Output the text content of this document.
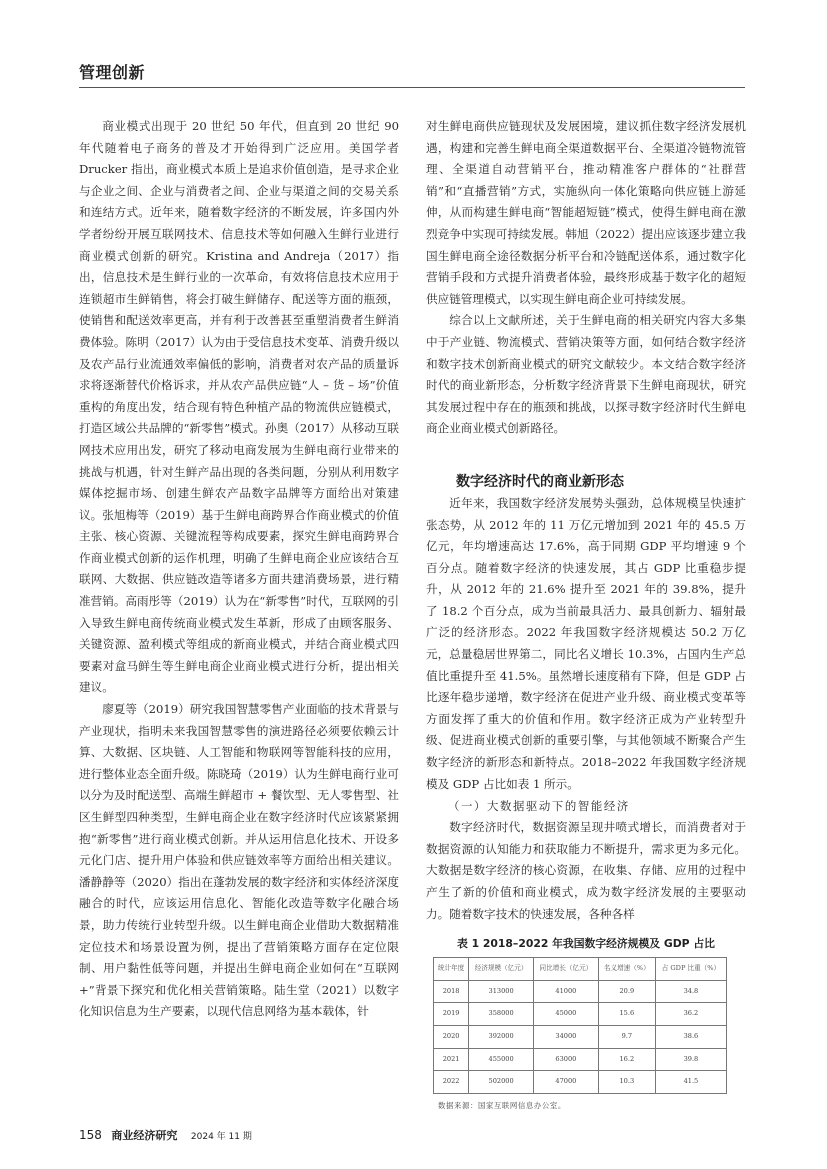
管理创新

商业模式出现于 20 世纪 50 年代，但直到 20 世纪 90 年代随着电子商务的普及才开始得到广泛应用。美国学者 Drucker 指出，商业模式本质上是追求价值创造，是寻求企业与企业之间、企业与消费者之间、企业与渠道之间的交易关系和连结方式。近年来，随着数字经济的不断发展，许多国内外学者纷纷开展互联网技术、信息技术等如何融入生鲜行业进行商业模式创新的研究。Kristina and Andreja（2017）指出，信息技术是生鲜行业的一次革命，有效将信息技术应用于连锁超市生鲜销售，将会打破生鲜储存、配送等方面的瓶颈，使销售和配送效率更高，并有利于改善甚至重塑消费者生鲜消费体验。陈明（2017）认为由于受信息技术变革、消费升级以及农产品行业流通效率偏低的影响，消费者对农产品的质量诉求将逐渐替代价格诉求，并从农产品供应链“人 – 货 – 场”价值重构的角度出发，结合现有特色种植产品的物流供应链模式，打造区域公共品牌的“新零售”模式。孙奥（2017）从移动互联网技术应用出发，研究了移动电商发展为生鲜电商行业带来的挑战与机遇，针对生鲜产品出现的各类问题，分别从利用数字媒体挖掘市场、创建生鲜农产品数字品牌等方面给出对策建议。张旭梅等（2019）基于生鲜电商跨界合作商业模式的价值主张、核心资源、关键流程等构成要素，探究生鲜电商跨界合作商业模式创新的运作机理，明确了生鲜电商企业应该结合互联网、大数据、供应链改造等诸多方面共建消费场景，进行精准营销。高雨彤等（2019）认为在“新零售”时代，互联网的引入导致生鲜电商传统商业模式发生革新，形成了由顾客服务、关键资源、盈利模式等组成的新商业模式，并结合商业模式四要素对盒马鲜生等生鲜电商企业商业模式进行分析，提出相关建议。

廖夏等（2019）研究我国智慧零售产业面临的技术背景与产业现状，指明未来我国智慧零售的演进路径必须要依赖云计算、大数据、区块链、人工智能和物联网等智能科技的应用，进行整体业态全面升级。陈晓琦（2019）认为生鲜电商行业可以分为及时配送型、高端生鲜超市 + 餐饮型、无人零售型、社区生鲜型四种类型，生鲜电商企业在数字经济时代应该紧紧拥抱“新零售”进行商业模式创新。并从运用信息化技术、开设多元化门店、提升用户体验和供应链效率等方面给出相关建议。潘静静等（2020）指出在蓬勃发展的数字经济和实体经济深度融合的时代，应该运用信息化、智能化改造等数字化融合场景，助力传统行业转型升级。以生鲜电商企业借助大数据精准定位技术和场景设置为例，提出了营销策略方面存在定位限制、用户黏性低等问题，并提出生鲜电商企业如何在“互联网 +”背景下探究和优化相关营销策略。陆生堂（2021）以数字化知识信息为生产要素，以现代信息网络为基本载体，针

对生鲜电商供应链现状及发展困境，建议抓住数字经济发展机遇，构建和完善生鲜电商全渠道数据平台、全渠道冷链物流管理、全渠道自动营销平台，推动精准客户群体的“社群营销”和“直播营销”方式，实施纵向一体化策略向供应链上游延伸，从而构建生鲜电商“智能超短链”模式，使得生鲜电商在激烈竞争中实现可持续发展。韩旭（2022）提出应该逐步建立我国生鲜电商全途径数据分析平台和冷链配送体系，通过数字化营销手段和方式提升消费者体验，最终形成基于数字化的超短供应链管理模式，以实现生鲜电商企业可持续发展。

综合以上文献所述，关于生鲜电商的相关研究内容大多集中于产业链、物流模式、营销决策等方面，如何结合数字经济和数字技术创新商业模式的研究文献较少。本文结合数字经济时代的商业新形态，分析数字经济背景下生鲜电商现状，研究其发展过程中存在的瓶颈和挑战，以探寻数字经济时代生鲜电商企业商业模式创新路径。

数字经济时代的商业新形态

近年来，我国数字经济发展势头强劲，总体规模呈快速扩张态势，从 2012 年的 11 万亿元增加到 2021 年的 45.5 万亿元，年均增速高达 17.6%，高于同期 GDP 平均增速 9 个百分点。随着数字经济的快速发展，其占 GDP 比重稳步提升，从 2012 年的 21.6% 提升至 2021 年的 39.8%，提升了 18.2 个百分点，成为当前最具活力、最具创新力、辐射最广泛的经济形态。2022 年我国数字经济规模达 50.2 万亿元，总量稳居世界第二，同比名义增长 10.3%，占国内生产总值比重提升至 41.5%。虽然增长速度稍有下降，但是 GDP 占比逐年稳步递增，数字经济在促进产业升级、商业模式变革等方面发挥了重大的价值和作用。数字经济正成为产业转型升级、促进商业模式创新的重要引擎，与其他领域不断聚合产生数字经济的新形态和新特点。2018–2022 年我国数字经济规模及 GDP 占比如表 1 所示。

（一）大数据驱动下的智能经济

数字经济时代，数据资源呈现井喷式增长，而消费者对于数据资源的认知能力和获取能力不断提升，需求更为多元化。大数据是数字经济的核心资源，在收集、存储、应用的过程中产生了新的价值和商业模式，成为数字经济发展的主要驱动力。随着数字技术的快速发展，各种各样

表 1 2018–2022 年我国数字经济规模及 GDP 占比
统计年度	经济规模（亿元）	同比增长（亿元）	名义增速（%）	占 GDP 比重（%）
2018	313000	41000	20.9	34.8
2019	358000	45000	15.6	36.2
2020	392000	34000	9.7	38.6
2021	455000	63000	16.2	39.8
2022	502000	47000	10.3	41.5
数据来源：国家互联网信息办公室。
158 商业经济研究 2024 年 11 期
